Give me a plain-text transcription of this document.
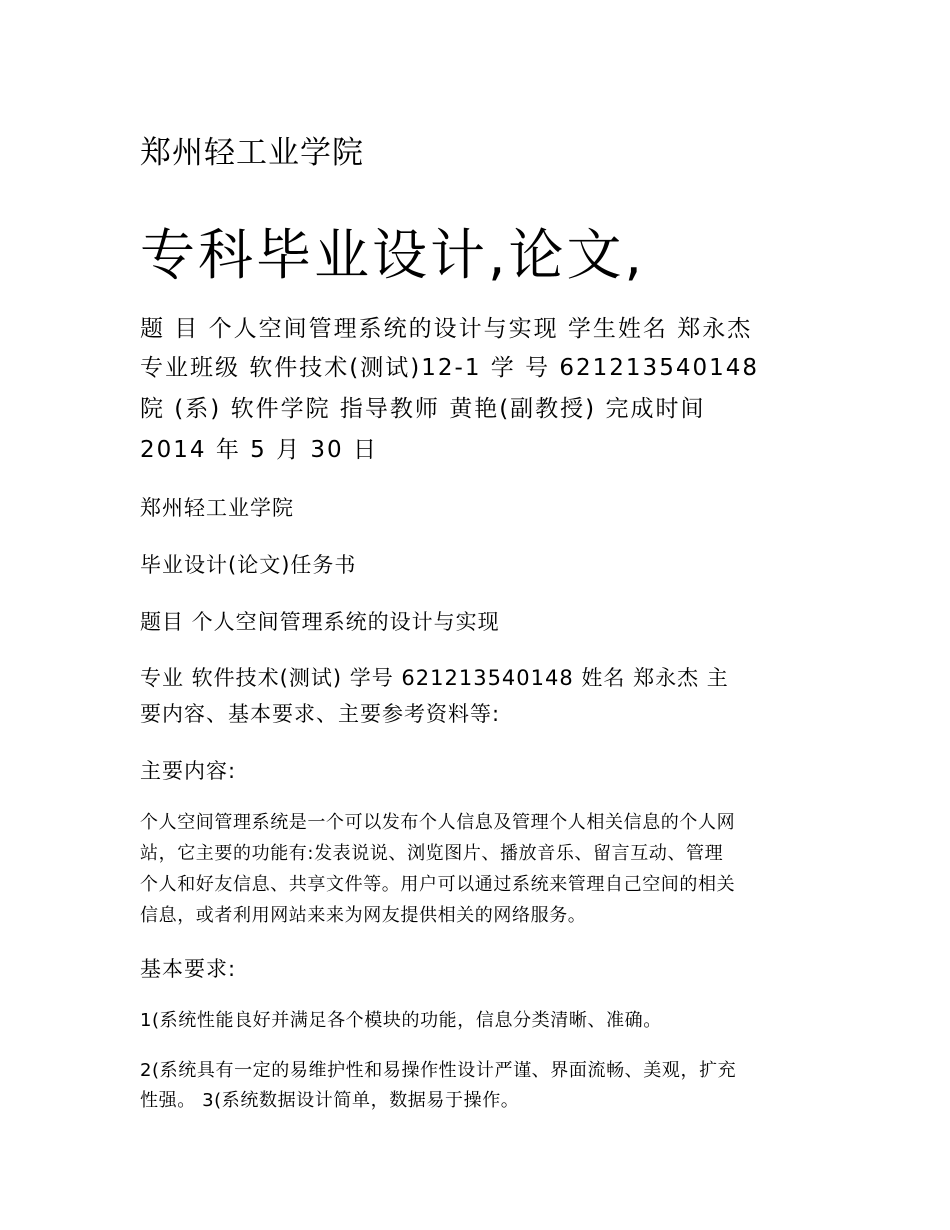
郑州轻工业学院
专科毕业设计,论文,
题 目 个人空间管理系统的设计与实现 学生姓名 郑永杰
专业班级 软件技术(测试)12-1 学 号 621213540148
院 (系) 软件学院 指导教师 黄艳(副教授) 完成时间
2014 年 5 月 30 日
郑州轻工业学院
毕业设计(论文)任务书
题目 个人空间管理系统的设计与实现
专业 软件技术(测试) 学号 621213540148 姓名 郑永杰 主
要内容、基本要求、主要参考资料等:
主要内容:
个人空间管理系统是一个可以发布个人信息及管理个人相关信息的个人网
站，它主要的功能有:发表说说、浏览图片、播放音乐、留言互动、管理
个人和好友信息、共享文件等。用户可以通过系统来管理自己空间的相关
信息，或者利用网站来来为网友提供相关的网络服务。
基本要求:
1(系统性能良好并满足各个模块的功能，信息分类清晰、准确。
2(系统具有一定的易维护性和易操作性设计严谨、界面流畅、美观，扩充
性强。 3(系统数据设计简单，数据易于操作。
